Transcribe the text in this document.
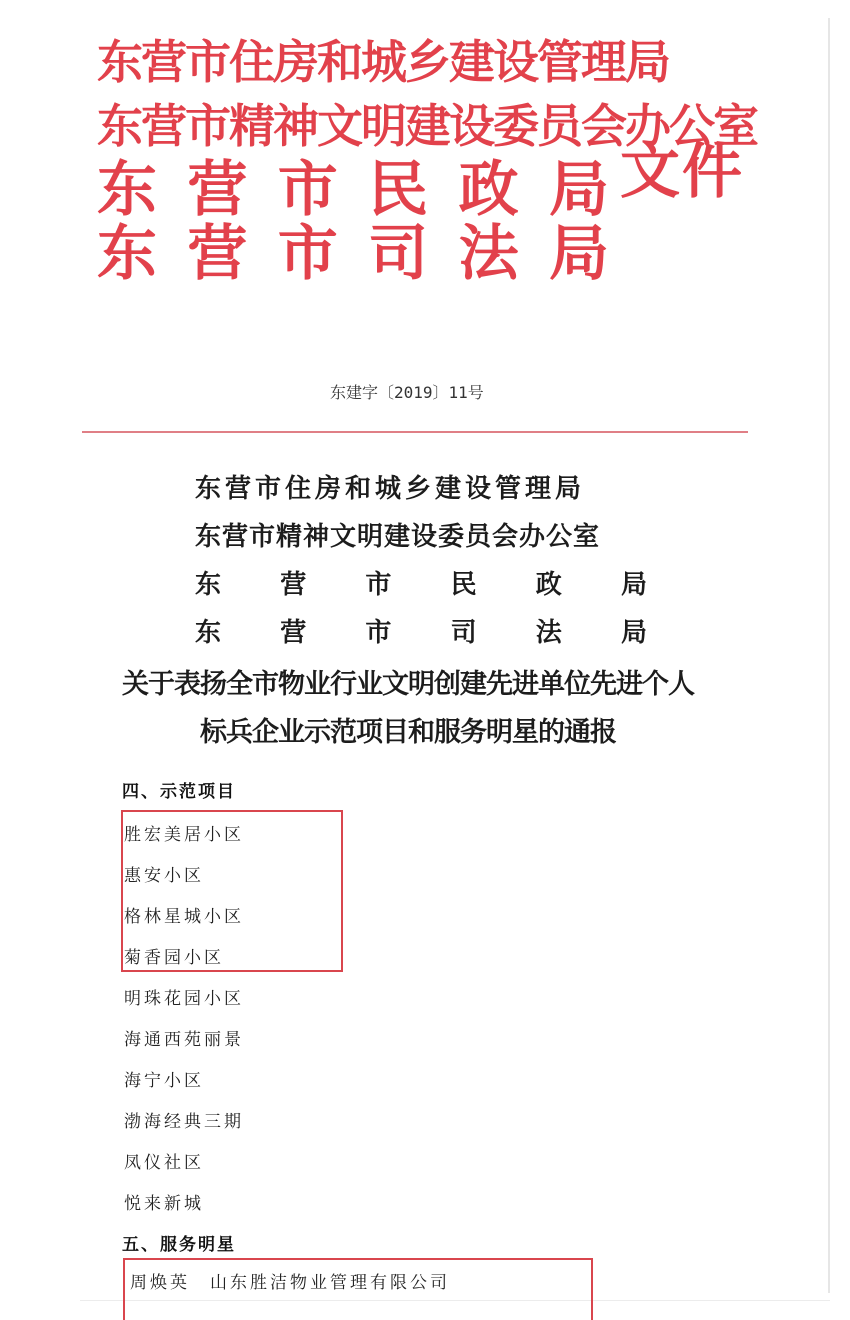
东营市住房和城乡建设管理局
东营市精神文明建设委员会办公室
东 营 市 民 政 局
东 营 市 司 法 局
文件
东建字〔2019〕11号
东营市住房和城乡建设管理局
东营市精神文明建设委员会办公室
东 营 市 民 政 局
东 营 市 司 法 局
关于表扬全市物业行业文明创建先进单位先进个人
标兵企业示范项目和服务明星的通报
四、示范项目
胜宏美居小区
惠安小区
格林星城小区
菊香园小区
明珠花园小区
海通西苑丽景
海宁小区
渤海经典三期
凤仪社区
悦来新城
五、服务明星
周焕英 山东胜洁物业管理有限公司
